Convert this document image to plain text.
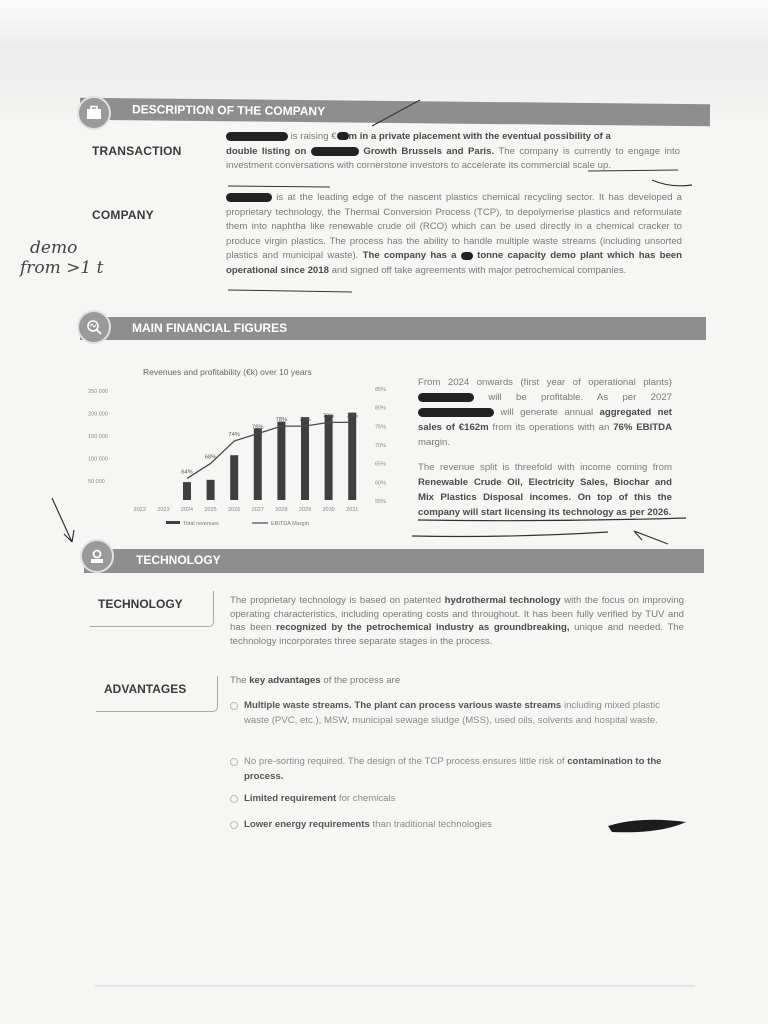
DESCRIPTION OF THE COMPANY
TRANSACTION
is raising € m in a private placement with the eventual possibility of a
double listing on	Growth Brussels and Paris. The company is currently to engage into investment conversations with cornerstone investors to accelerate its commercial scale up.
COMPANY
is at the leading edge of the nascent plastics chemical recycling sector. It has developed a proprietary technology, the Thermal Conversion Process (TCP), to depolymerise plastics and reformulate them into naphtha like renewable crude oil (RCO) which can be used directly in a chemical cracker to produce virgin plastics. The process has the ability to handle multiple waste streams (including unsorted plastics and municipal waste). The company has a tonne capacity demo plant which has been operational since 2018 and signed off take agreements with major petrochemical companies.
demo
from >1 t
MAIN FINANCIAL FIGURES
Revenues and profitability (€k) over 10 years
250 000
200 000
150 000
100 000
50 000
85%
80%
75%
70%
65%
60%
55%
2022 2023 2024
64%
2025
68%
2026
74%
2027
76%
2028
78%
2029
78%
2030
79%
2031
79%
Total revenues	EBITDA Margin
From 2024 onwards (first year of operational plants)  will be profitable. As per 2027  will generate annual aggregated net sales of €162m from its operations with an 76% EBITDA margin.
The revenue split is threefold with income coming from Renewable Crude Oil, Electricity Sales, Biochar and Mix Plastics Disposal incomes. On top of this the company will start licensing its technology as per 2026.
TECHNOLOGY
TECHNOLOGY	The proprietary technology is based on patented hydrothermal technology with the focus on improving operating characteristics, including operating costs and throughout. It has been fully verified by TUV and has been recognized by the petrochemical industry as groundbreaking, unique and needed. The technology incorporates three separate stages in the process.
ADVANTAGES
The key advantages of the process are
Multiple waste streams. The plant can process various waste streams including mixed plastic waste (PVC, etc.), MSW, municipal sewage sludge (MSS), used oils, solvents and hospital waste.
No pre-sorting required. The design of the TCP process ensures little risk of contamination to the process.
Limited requirement for chemicals
Lower energy requirements than traditional technologies
